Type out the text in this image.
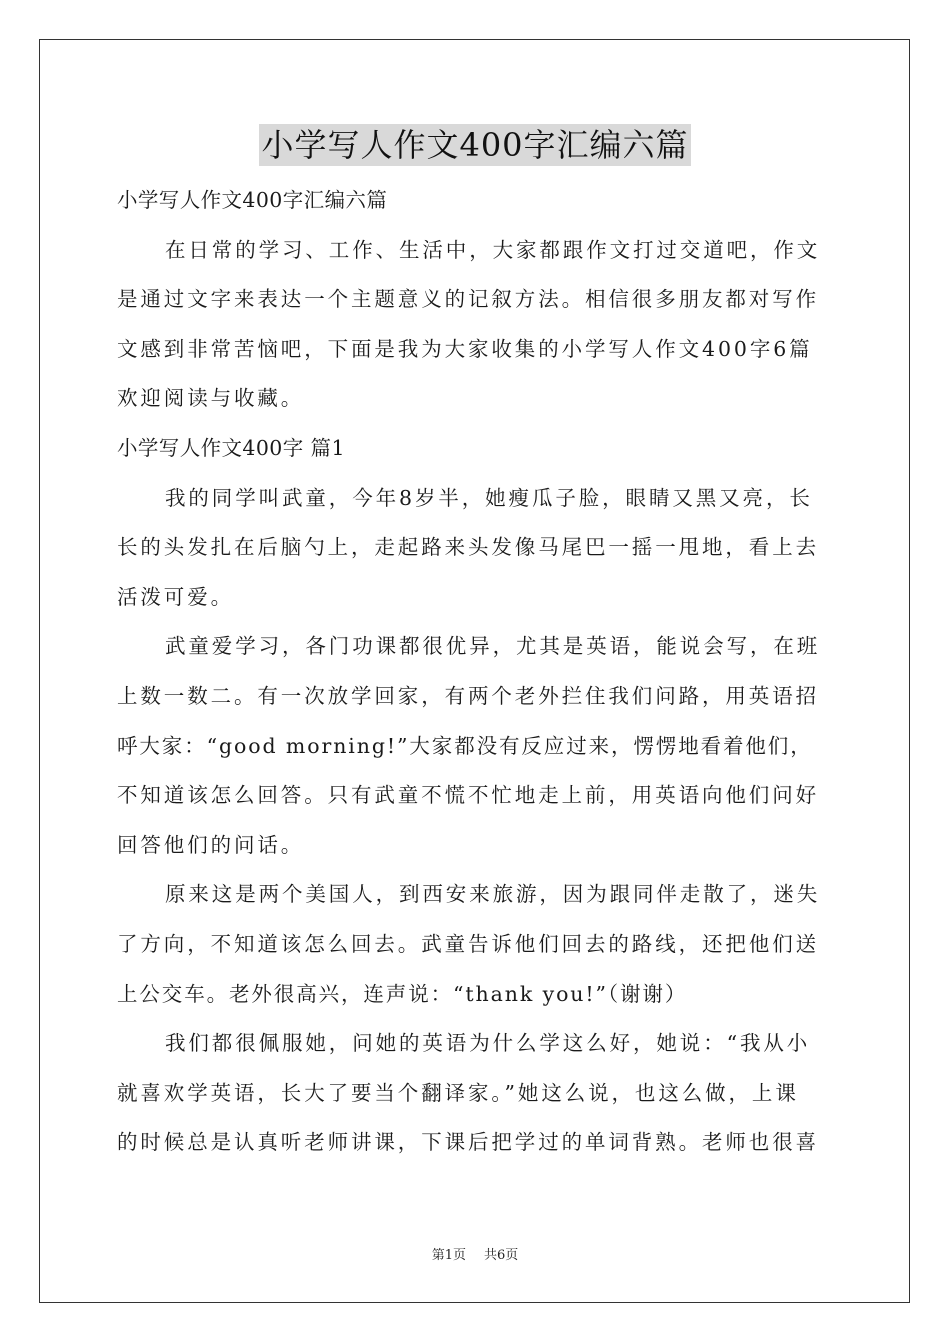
小学写人作文400字汇编六篇
小学写人作文400字汇编六篇
在日常的学习、工作、生活中，大家都跟作文打过交道吧，作文
是通过文字来表达一个主题意义的记叙方法。相信很多朋友都对写作
文感到非常苦恼吧，下面是我为大家收集的小学写人作文400字6篇
欢迎阅读与收藏。
小学写人作文400字 篇1
我的同学叫武童，今年8岁半，她瘦瓜子脸，眼睛又黑又亮，长
长的头发扎在后脑勺上，走起路来头发像马尾巴一摇一甩地，看上去
活泼可爱。
武童爱学习，各门功课都很优异，尤其是英语，能说会写，在班
上数一数二。有一次放学回家，有两个老外拦住我们问路，用英语招
呼大家：“good morning!”大家都没有反应过来，愣愣地看着他们，
不知道该怎么回答。只有武童不慌不忙地走上前，用英语向他们问好
回答他们的问话。
原来这是两个美国人，到西安来旅游，因为跟同伴走散了，迷失
了方向，不知道该怎么回去。武童告诉他们回去的路线，还把他们送
上公交车。老外很高兴，连声说：“thank you!”（谢谢）
我们都很佩服她，问她的英语为什么学这么好，她说：“我从小
就喜欢学英语，长大了要当个翻译家。”她这么说，也这么做，上课
的时候总是认真听老师讲课，下课后把学过的单词背熟。老师也很喜
第1页 共6页
